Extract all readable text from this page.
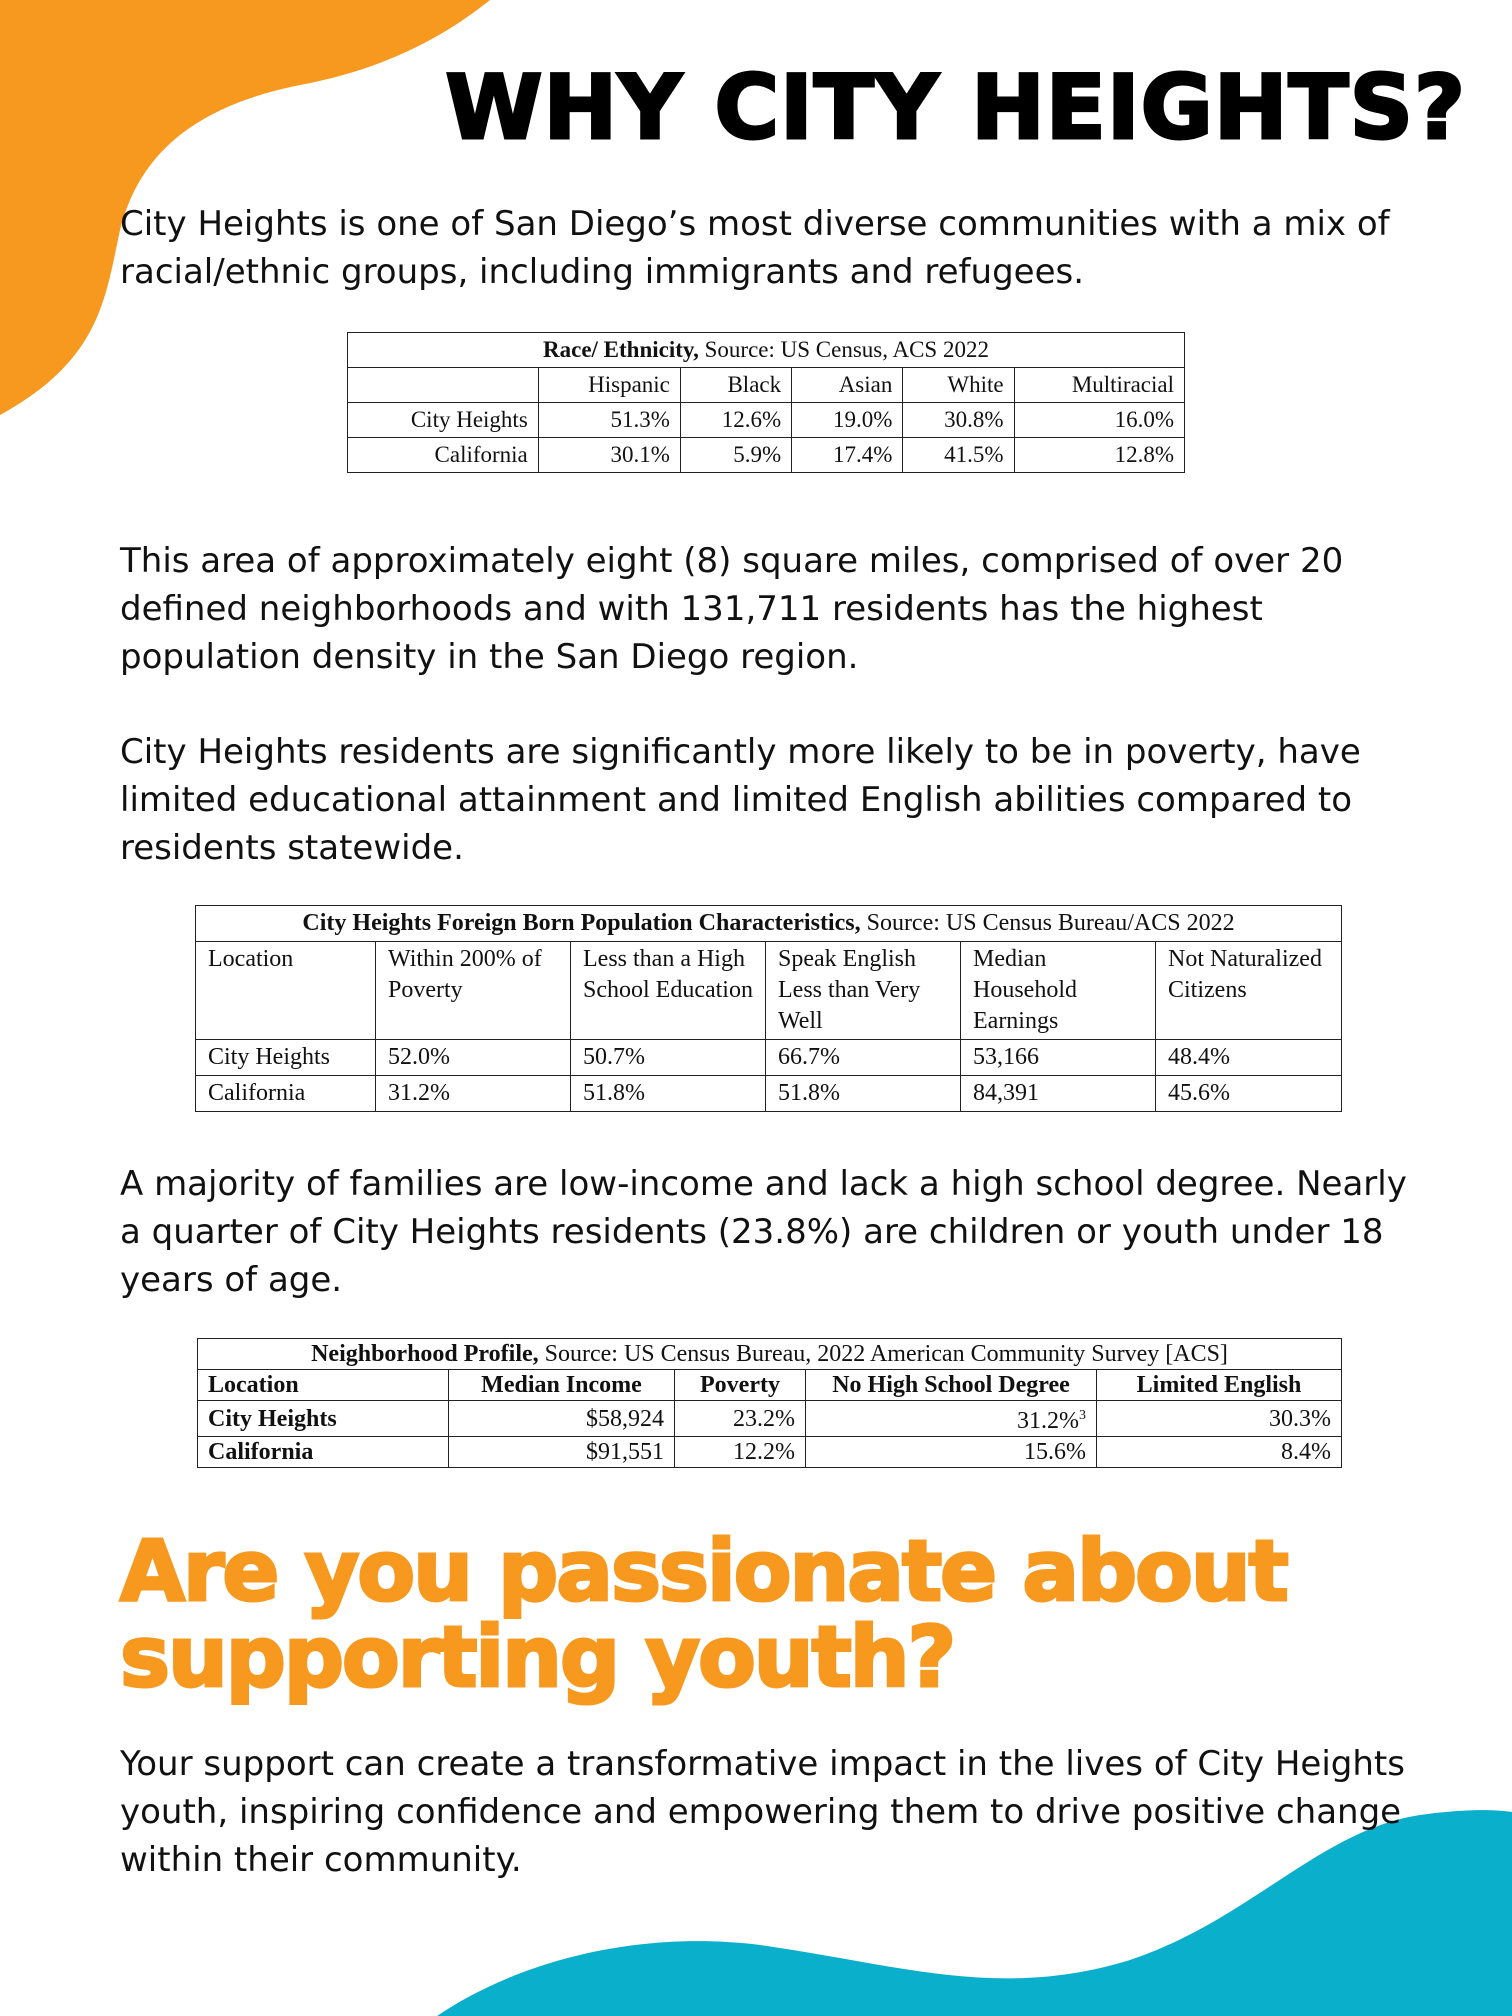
WHY CITY HEIGHTS?

City Heights is one of San Diego’s most diverse communities with a mix of racial/ethnic groups, including immigrants and refugees.

Race/ Ethnicity, Source: US Census, ACS 2022					
	Hispanic	Black	Asian	White	Multiracial
City Heights	51.3%	12.6%	19.0%	30.8%	16.0%
California	30.1%	5.9%	17.4%	41.5%	12.8%

This area of approximately eight (8) square miles, comprised of over 20 defined neighborhoods and with 131,711 residents has the highest population density in the San Diego region.

City Heights residents are significantly more likely to be in poverty, have limited educational attainment and limited English abilities compared to residents statewide.

City Heights Foreign Born Population Characteristics, Source: US Census Bureau/ACS 2022					
Location	Within 200% of Poverty	Less than a High School Education	Speak English Less than Very Well	Median Household Earnings	Not Naturalized Citizens
City Heights	52.0%	50.7%	66.7%	53,166	48.4%
California	31.2%	51.8%	51.8%	84,391	45.6%

A majority of families are low-income and lack a high school degree. Nearly a quarter of City Heights residents (23.8%) are children or youth under 18 years of age.

Neighborhood Profile, Source: US Census Bureau, 2022 American Community Survey [ACS]				
Location	Median Income	Poverty	No High School Degree	Limited English
City Heights	$58,924	23.2%	31.2%$^3$	30.3%
California	$91,551	12.2%	15.6%	8.4%
Are you passionate about
supporting youth?

Your support can create a transformative impact in the lives of City Heights youth, inspiring confidence and empowering them to drive positive change within their community.
